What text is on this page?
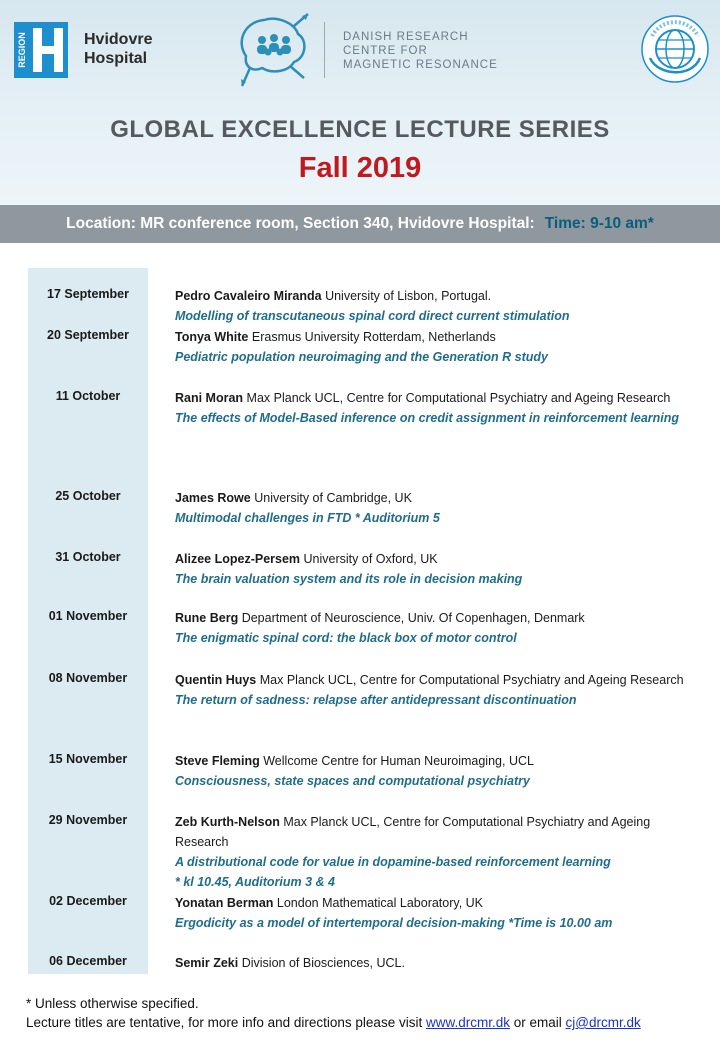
REGION	Hvidovre
Hospital
DANISH RESEARCH
CENTRE FOR
MAGNETIC RESONANCE
GLOBAL EXCELLENCE LECTURE SERIES
Fall 2019
Location: MR conference room, Section 340, Hvidovre Hospital: Time: 9-10 am*
17 September	Pedro Cavaleiro Miranda University of Lisbon, Portugal.
Modelling of transcutaneous spinal cord direct current stimulation
20 September	Tonya White Erasmus University Rotterdam, Netherlands
Pediatric population neuroimaging and the Generation R study
11 October	Rani Moran Max Planck UCL, Centre for Computational Psychiatry and Ageing Research
The effects of Model-Based inference on credit assignment in reinforcement learning
25 October	James Rowe University of Cambridge, UK
Multimodal challenges in FTD * Auditorium 5
31 October	Alizee Lopez-Persem University of Oxford, UK
The brain valuation system and its role in decision making
01 November	Rune Berg Department of Neuroscience, Univ. Of Copenhagen, Denmark
The enigmatic spinal cord: the black box of motor control
08 November	Quentin Huys Max Planck UCL, Centre for Computational Psychiatry and Ageing Research
The return of sadness: relapse after antidepressant discontinuation
15 November	Steve Fleming Wellcome Centre for Human Neuroimaging, UCL
Consciousness, state spaces and computational psychiatry
29 November	Zeb Kurth-Nelson Max Planck UCL, Centre for Computational Psychiatry and Ageing Research
A distributional code for value in dopamine-based reinforcement learning
* kl 10.45, Auditorium 3 & 4
02 December	Yonatan Berman London Mathematical Laboratory, UK
Ergodicity as a model of intertemporal decision-making *Time is 10.00 am
06 December	Semir Zeki Division of Biosciences, UCL.
* Unless otherwise specified.
Lecture titles are tentative, for more info and directions please visit www.drcmr.dk or email cj@drcmr.dk
